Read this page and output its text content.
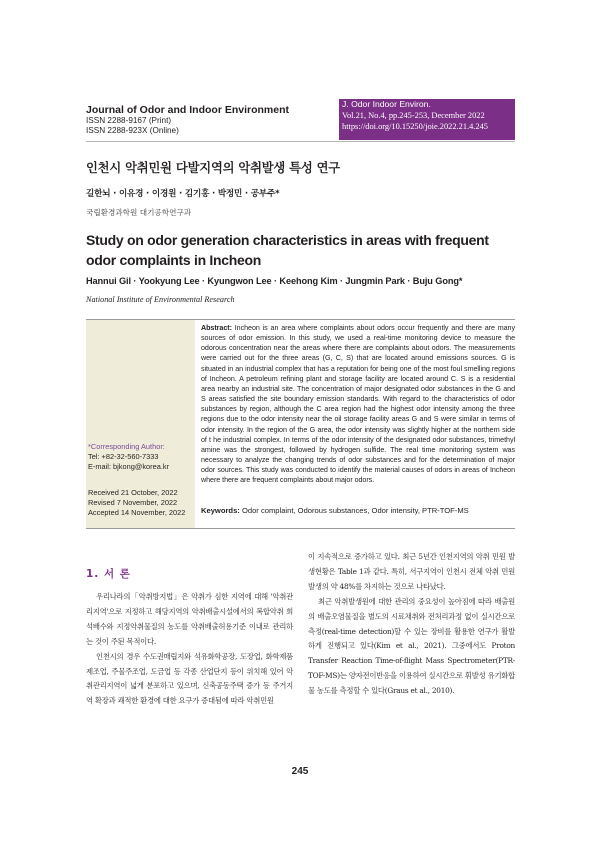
Journal of Odor and Indoor Environment
ISSN 2288-9167 (Print)
ISSN 2288-923X (Online)
J. Odor Indoor Environ.
Vol.21, No.4, pp.245-253, December 2022
https://doi.org/10.15250/joie.2022.21.4.245
인천시 악취민원 다발지역의 악취발생 특성 연구
길한뇌 · 이유경 · 이경원 · 김기홍 · 박정민 · 공부주*
국립환경과학원 대기공학연구과
Study on odor generation characteristics in areas with frequent odor complaints in Incheon
Hannui Gil · Yookyung Lee · Kyungwon Lee · Keehong Kim · Jungmin Park · Buju Gong*
National Institute of Environmental Research
*Corresponding Author:
Tel: +82-32-560-7333
E-mail: bjkong@korea.kr
Received 21 October, 2022
Revised 7 November, 2022
Accepted 14 November, 2022
Abstract: Incheon is an area where complaints about odors occur frequently and there are many sources of odor emission. In this study, we used a real-time monitoring device to measure the odorous concentration near the areas where there are complaints about odors. The measurements were carried out for the three areas (G, C, S) that are located around emissions sources. G is situated in an industrial complex that has a reputation for being one of the most foul smelling regions of Incheon. A petroleum refining plant and storage facility are located around C. S is a residential area nearby an industrial site. The concentration of major designated odor substances in the G and S areas satisfied the site boundary emission standards. With regard to the characteristics of odor substances by region, although the C area region had the highest odor intensity among the three regions due to the odor intensity near the oil storage facility areas G and S were similar in terms of odor intensity. In the region of the G area, the odor intensity was slightly higher at the northern side of t he industrial complex. In terms of the odor intensity of the designated odor substances, trimethyl amine was the strongest, followed by hydrogen sulfide. The real time monitoring system was necessary to analyze the changing trends of odor substances and for the determination of major odor sources. This study was conducted to identify the material causes of odors in areas of Incheon where there are frequent complaints about major odors.
Keywords: Odor complaint, Odorous substances, Odor intensity, PTR-TOF-MS
1. 서 론

우리나라의「악취방지법」은 악취가 심한 지역에 대해 '악취관리지역'으로 지정하고 해당지역의 악취배출시설에서의 복합악취 희석배수와 지정악취물질의 농도를 악취배출허용기준 이내로 관리하는 것이 주된 목적이다.

인천시의 경우 수도권매립지와 석유화학공장, 도장업, 화학제품제조업, 주물주조업, 도금업 등 각종 산업단지 등이 위치해 있어 악취관리지역이 넓게 분포하고 있으며, 신축공동주택 증가 등 주거지역 확장과 쾌적한 환경에 대한 요구가 증대됨에 따라 악취민원

이 지속적으로 증가하고 있다. 최근 5년간 인천지역의 악취 민원 발생현황은 Table 1과 같다. 특히, 서구지역이 인천시 전체 악취 민원 발생의 약 48%를 차지하는 것으로 나타났다.

최근 악취발생원에 대한 관리의 중요성이 높아짐에 따라 배출원의 배출오염물질을 별도의 시료채취와 전처리과정 없이 실시간으로 측정(real-time detection)할 수 있는 장비를 활용한 연구가 활발하게 진행되고 있다(Kim et al., 2021). 그중에서도 Proton Transfer Reaction Time-of-flight Mass Spectrometer(PTR-TOF-MS)는 양자전이반응을 이용하여 실시간으로 휘발성 유기화합물 농도를 측정할 수 있다(Graus et al., 2010).

245
